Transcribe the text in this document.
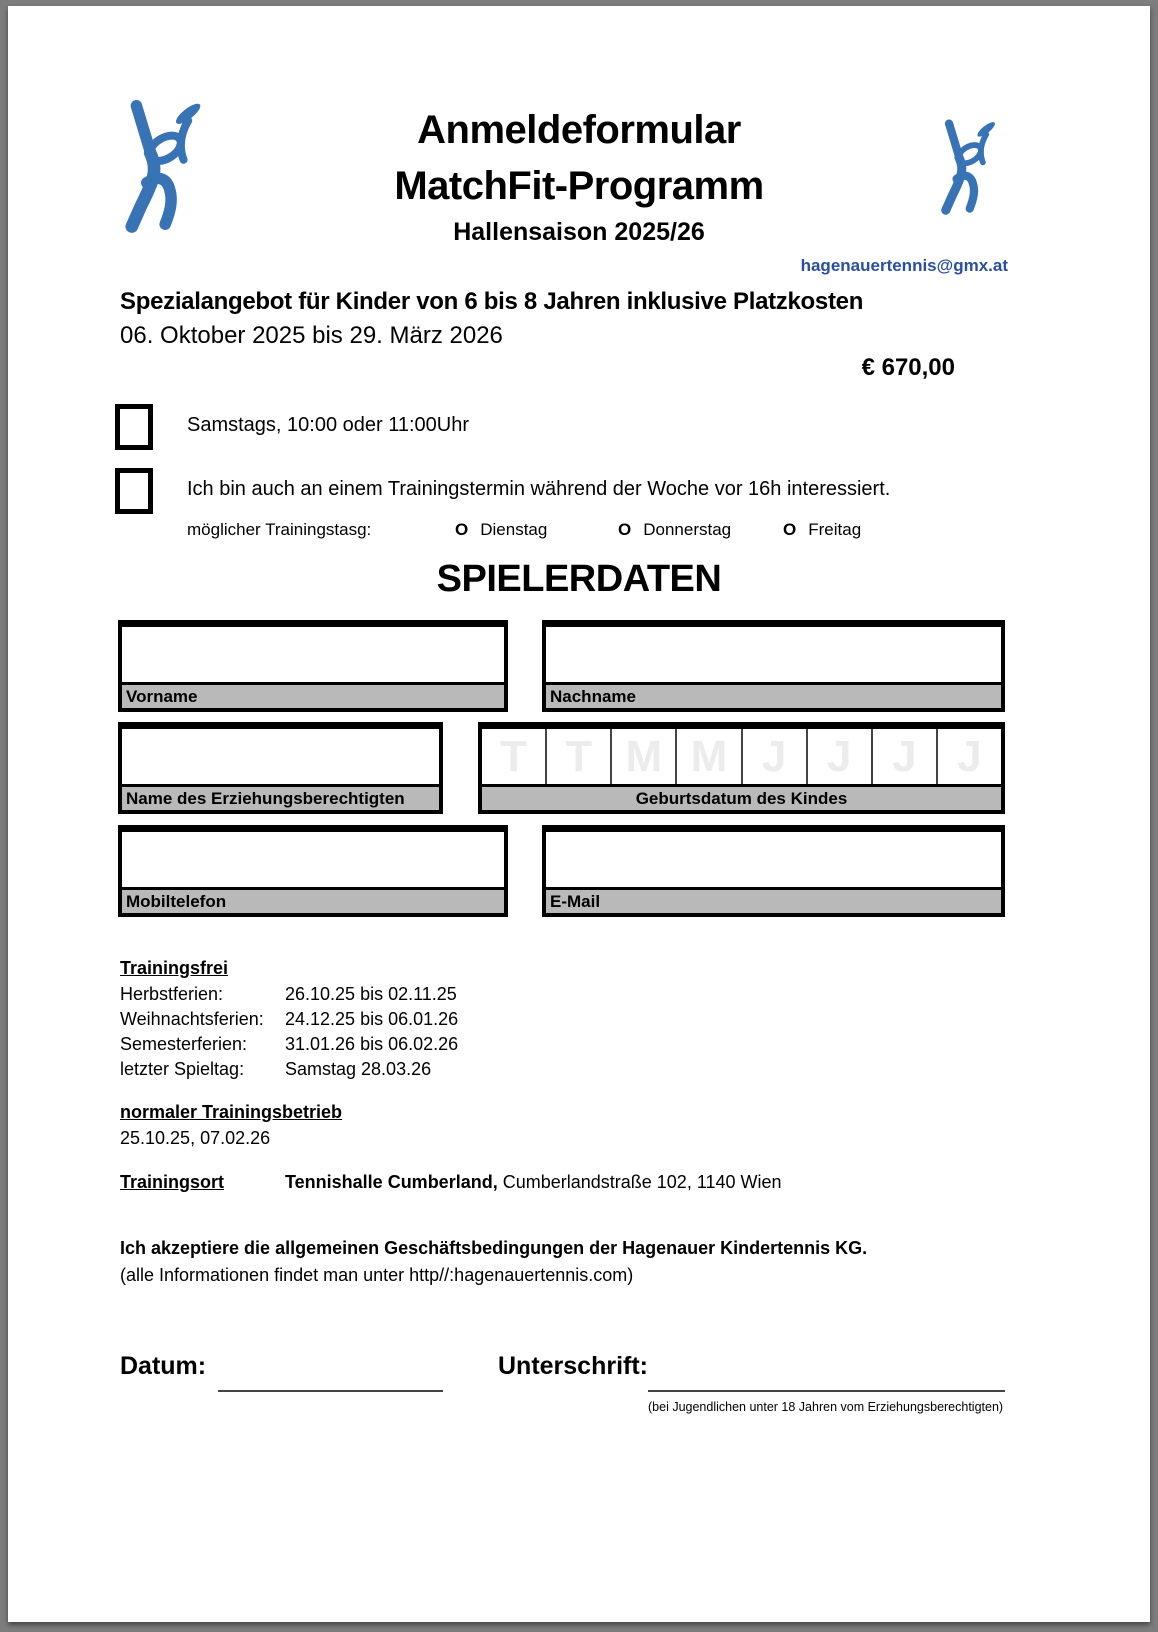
Anmeldeformular
MatchFit-Programm
Hallensaison 2025/26
hagenauertennis@gmx.at
Spezialangebot für Kinder von 6 bis 8 Jahren inklusive Platzkosten
06. Oktober 2025 bis 29. März 2026
€ 670,00
Samstags, 10:00 oder 11:00Uhr
Ich bin auch an einem Trainingstermin während der Woche vor 16h interessiert.
möglicher Trainingstasg:	O Dienstag	O Donnerstag	O Freitag
SPIELERDATEN
Vorname	Nachname
Name des Erziehungsberechtigten
T T M M J J J J
Geburtsdatum des Kindes
Mobiltelefon	E-Mail
Trainingsfrei
Herbstferien:	26.10.25 bis 02.11.25
Weihnachtsferien: 24.12.25 bis 06.01.26
Semesterferien: 31.01.26 bis 06.02.26
letzter Spieltag: Samstag 28.03.26
normaler Trainingsbetrieb
25.10.25, 07.02.26
Trainingsort	Tennishalle Cumberland, Cumberlandstraße 102, 1140 Wien
Ich akzeptiere die allgemeinen Geschäftsbedingungen der Hagenauer Kindertennis KG.
(alle Informationen findet man unter http//:hagenauertennis.com)
Datum:	Unterschrift:
(bei Jugendlichen unter 18 Jahren vom Erziehungsberechtigten)
